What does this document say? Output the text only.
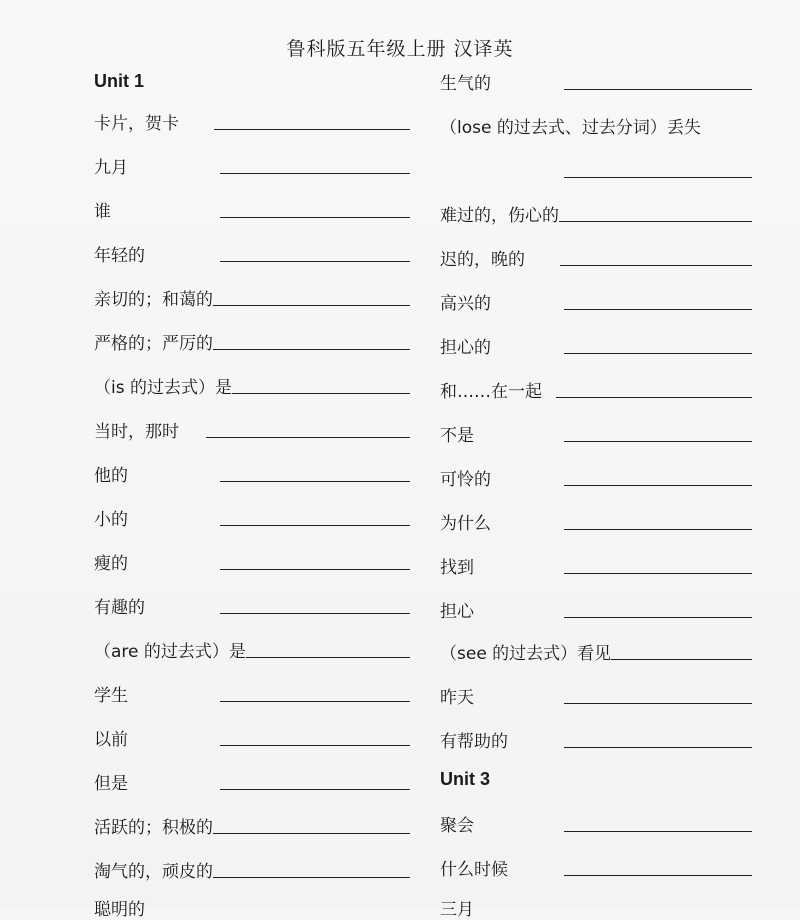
鲁科版五年级上册 汉译英
Unit 1
卡片，贺卡
九月
谁
年轻的
亲切的；和蔼的
严格的；严厉的
（is 的过去式）是
当时，那时
他的
小的
瘦的
有趣的
（are 的过去式）是
学生
以前
但是
活跃的；积极的
淘气的，顽皮的
聪明的
生气的
（lose 的过去式、过去分词）丢失
难过的，伤心的
迟的，晚的
高兴的
担心的
和……在一起
不是
可怜的
为什么
找到
担心
（see 的过去式）看见
昨天
有帮助的
Unit 3
聚会
什么时候
三月
